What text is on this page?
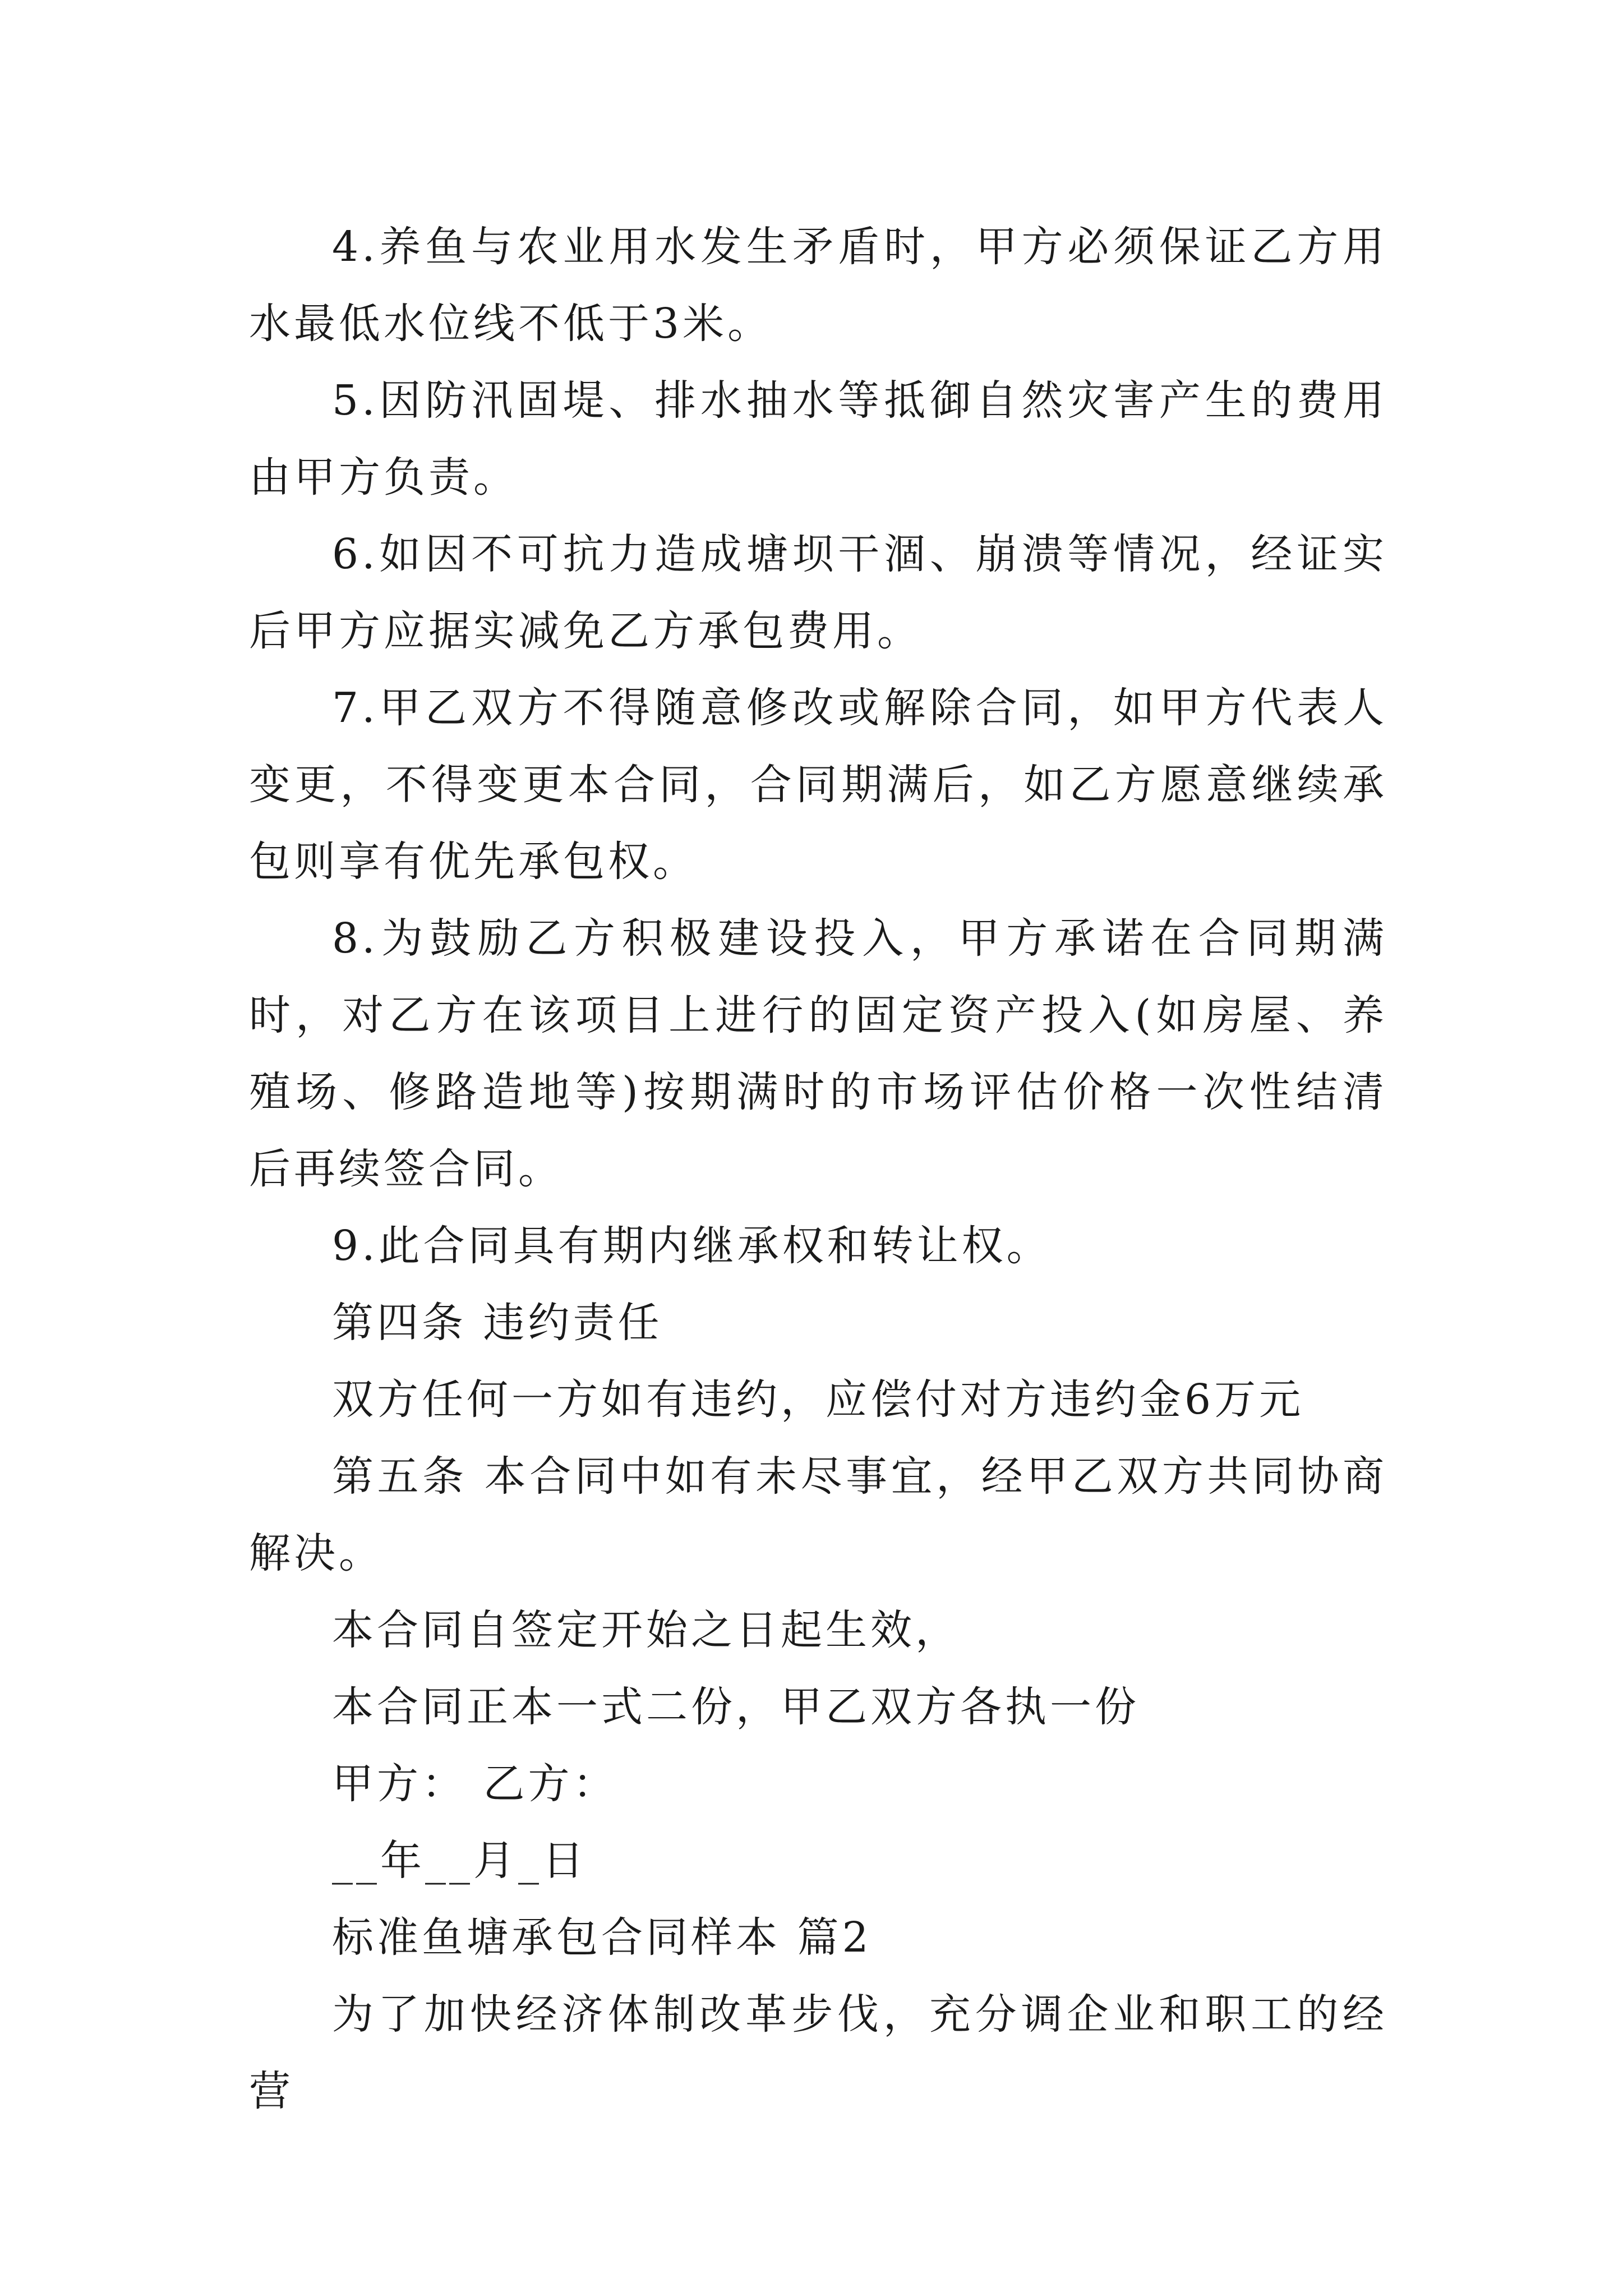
4.养鱼与农业用水发生矛盾时，甲方必须保证乙方用水最低水位线不低于3米。

5.因防汛固堤、排水抽水等抵御自然灾害产生的费用由甲方负责。

6.如因不可抗力造成塘坝干涸、崩溃等情况，经证实后甲方应据实减免乙方承包费用。

7.甲乙双方不得随意修改或解除合同，如甲方代表人变更，不得变更本合同，合同期满后，如乙方愿意继续承包则享有优先承包权。

8.为鼓励乙方积极建设投入，甲方承诺在合同期满时，对乙方在该项目上进行的固定资产投入(如房屋、养殖场、修路造地等)按期满时的市场评估价格一次性结清后再续签合同。

9.此合同具有期内继承权和转让权。

第四条 违约责任

双方任何一方如有违约，应偿付对方违约金6万元

第五条 本合同中如有未尽事宜，经甲乙双方共同协商解决。

本合同自签定开始之日起生效，

本合同正本一式二份，甲乙双方各执一份

甲方： 乙方：

__年__月_日

标准鱼塘承包合同样本 篇2

为了加快经济体制改革步伐，充分调企业和职工的经营
